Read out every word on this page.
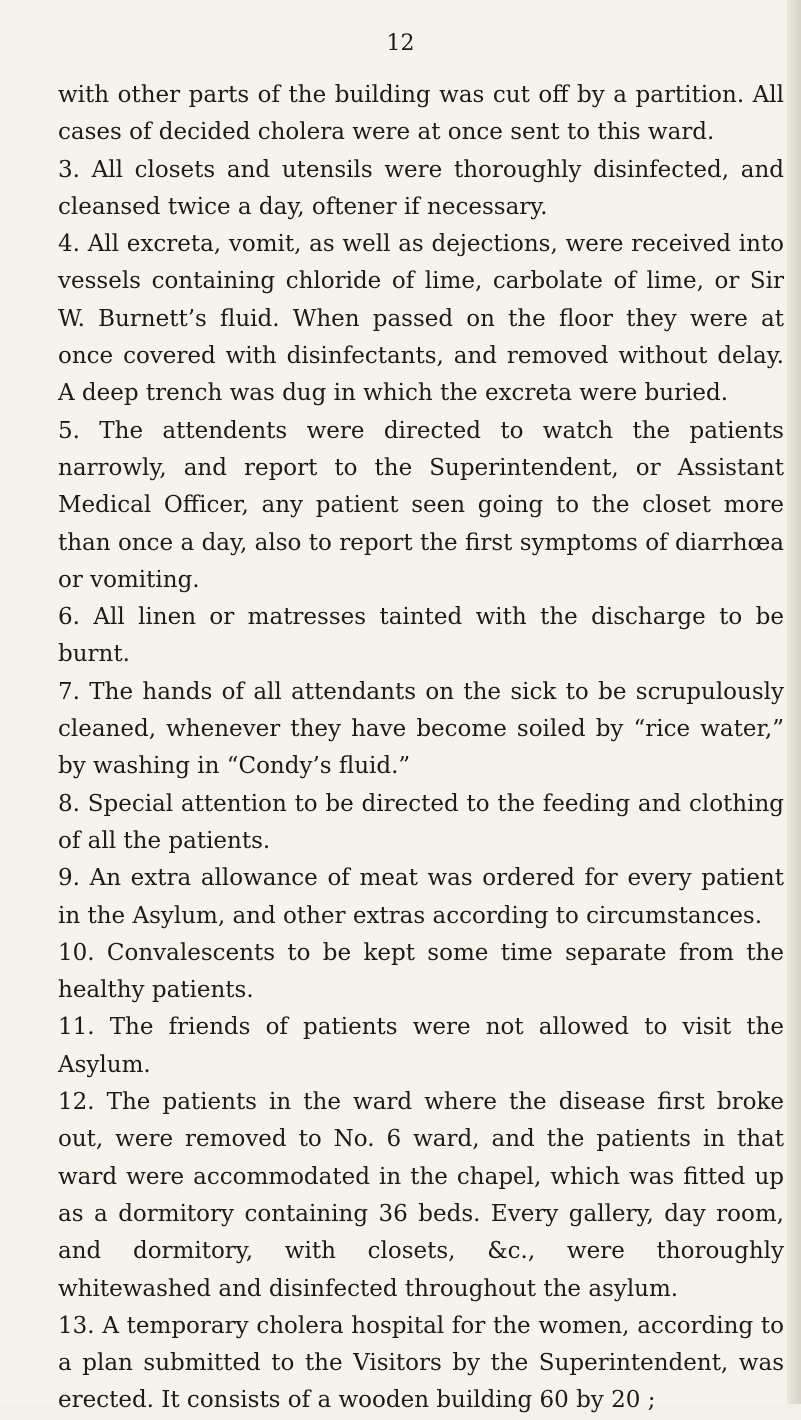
12

with other parts of the building was cut off by a partition. All cases of decided cholera were at once sent to this ward.

3. All closets and utensils were thoroughly disinfected, and cleansed twice a day, oftener if necessary.

4. All excreta, vomit, as well as dejections, were received into vessels containing chloride of lime, carbolate of lime, or Sir W. Burnett’s fluid. When passed on the floor they were at once covered with disinfectants, and removed without delay. A deep trench was dug in which the excreta were buried.

5. The attendents were directed to watch the patients narrowly, and report to the Superintendent, or Assistant Medical Officer, any patient seen going to the closet more than once a day, also to report the first symptoms of diarrhœa or vomiting.

6. All linen or matresses tainted with the discharge to be burnt.

7. The hands of all attendants on the sick to be scrupulously cleaned, whenever they have become soiled by “rice water,” by washing in “Condy’s fluid.”

8. Special attention to be directed to the feeding and clothing of all the patients.

9. An extra allowance of meat was ordered for every patient in the Asylum, and other extras according to circumstances.

10. Convalescents to be kept some time separate from the healthy patients.

11. The friends of patients were not allowed to visit the Asylum.

12. The patients in the ward where the disease first broke out, were removed to No. 6 ward, and the patients in that ward were accommodated in the chapel, which was fitted up as a dormitory containing 36 beds. Every gallery, day room, and dormitory, with closets, &c., were thoroughly whitewashed and disinfected throughout the asylum.

13. A temporary cholera hospital for the women, according to a plan submitted to the Visitors by the Superintendent, was erected. It consists of a wooden building 60 by 20 ;
